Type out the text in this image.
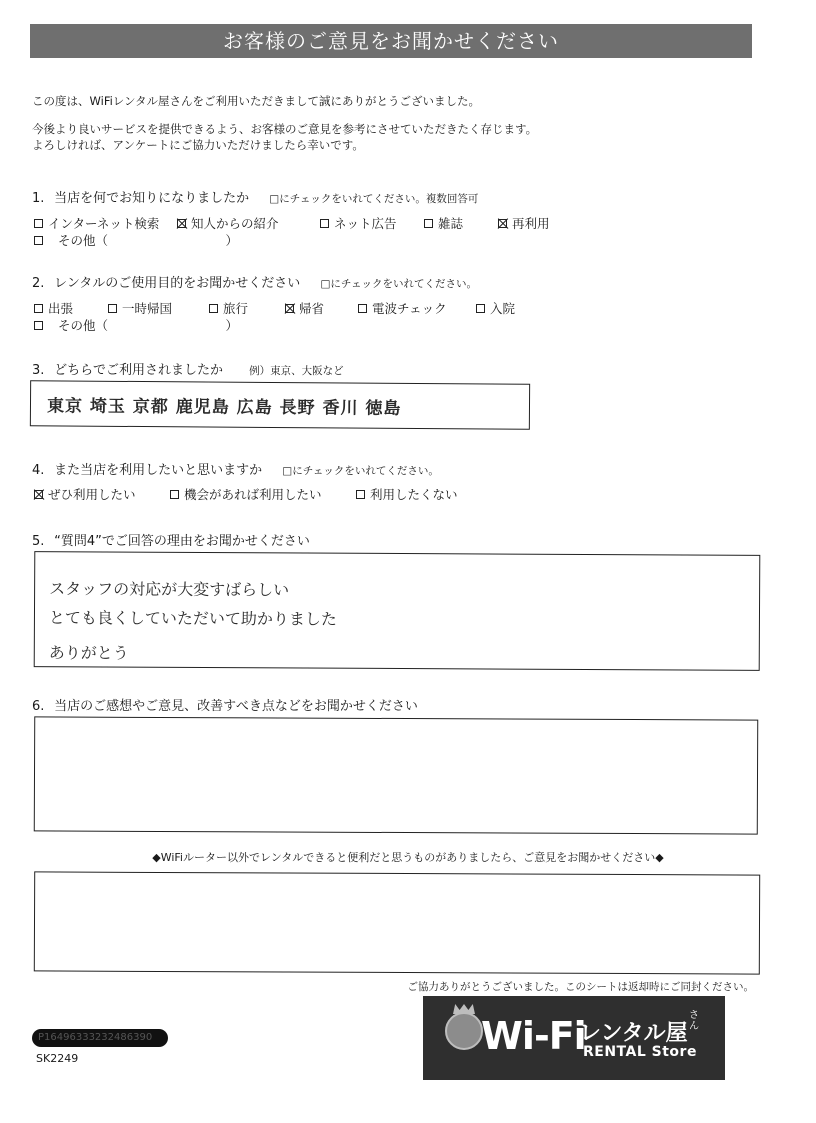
お客様のご意見をお聞かせください
この度は、WiFiレンタル屋さんをご利用いただきまして誠にありがとうございました。
今後より良いサービスを提供できるよう、お客様のご意見を参考にさせていただきたく存じます。
よろしければ、アンケートにご協力いただけましたら幸いです。
1. 当店を何でお知りになりましたか □にチェックをいれてください。複数回答可
インターネット検索	知人からの紹介	ネット広告	雑誌	再利用
その他（	）
2. レンタルのご使用目的をお聞かせください □にチェックをいれてください。
出張	一時帰国	旅行	帰省	電波チェック	入院
その他（	）
3. どちらでご利用されましたか 例）東京、大阪など
東京 埼玉 京都 鹿児島 広島 長野 香川 徳島
4. また当店を利用したいと思いますか □にチェックをいれてください。
ぜひ利用したい	機会があれば利用したい	利用したくない
5. “質問4”でご回答の理由をお聞かせください
スタッフの対応が大変すばらしい
とても良くしていただいて助かりました
ありがとう
6. 当店のご感想やご意見、改善すべき点などをお聞かせください
◆WiFiルーター以外でレンタルできると便利だと思うものがありましたら、ご意見をお聞かせください◆
ご協力ありがとうございました。このシートは返却時にご同封ください。
P16496333232486390
SK2249
Wi-Fi
レンタル屋
さん
RENTAL Store
